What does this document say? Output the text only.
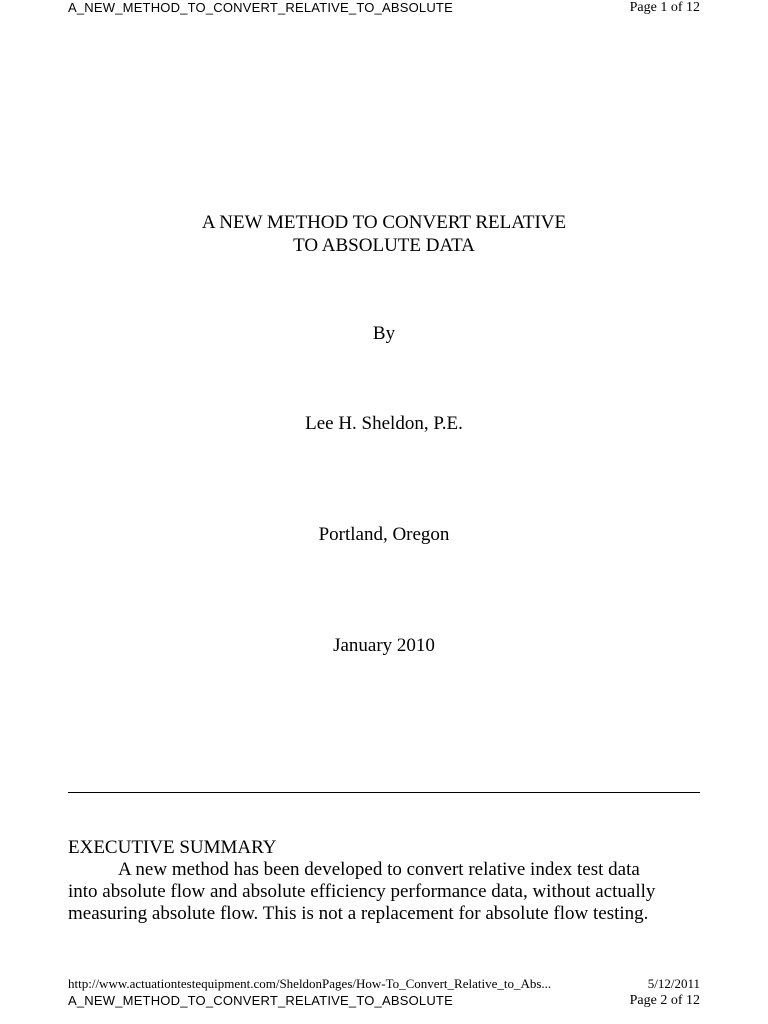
A_NEW_METHOD_TO_CONVERT_RELATIVE_TO_ABSOLUTE	Page 1 of 12
A NEW METHOD TO CONVERT RELATIVE
TO ABSOLUTE DATA
By
Lee H. Sheldon, P.E.
Portland, Oregon
January 2010
EXECUTIVE SUMMARY
A new method has been developed to convert relative index test data
into absolute flow and absolute efficiency performance data, without actually
measuring absolute flow. This is not a replacement for absolute flow testing.
http://www.actuationtestequipment.com/SheldonPages/How-To_Convert_Relative_to_Abs...	5/12/2011
A_NEW_METHOD_TO_CONVERT_RELATIVE_TO_ABSOLUTE	Page 2 of 12
